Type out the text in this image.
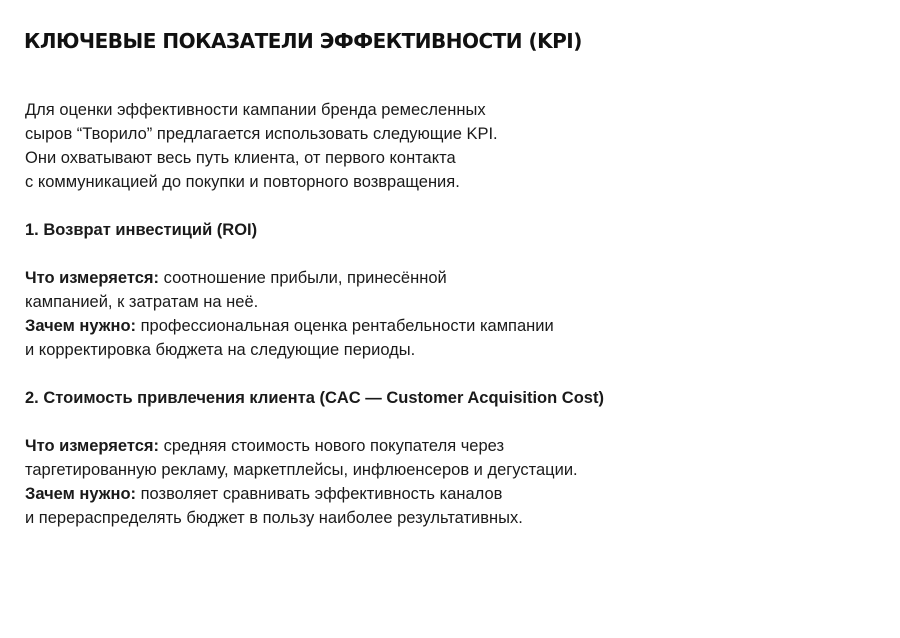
КЛЮЧЕВЫЕ ПОКАЗАТЕЛИ ЭФФЕКТИВНОСТИ (KPI)
Для оценки эффективности кампании бренда ремесленных
сыров “Творило” предлагается использовать следующие KPI.
Они охватывают весь путь клиента, от первого контакта
с коммуникацией до покупки и повторного возвращения.
1. Возврат инвестиций (ROI)
Что измеряется: соотношение прибыли, принесённой
кампанией, к затратам на неё.
Зачем нужно: профессиональная оценка рентабельности кампании
и корректировка бюджета на следующие периоды.
2. Стоимость привлечения клиента (CAC — Customer Acquisition Cost)
Что измеряется: средняя стоимость нового покупателя через
таргетированную рекламу, маркетплейсы, инфлюенсеров и дегустации.
Зачем нужно: позволяет сравнивать эффективность каналов
и перераспределять бюджет в пользу наиболее результативных.
